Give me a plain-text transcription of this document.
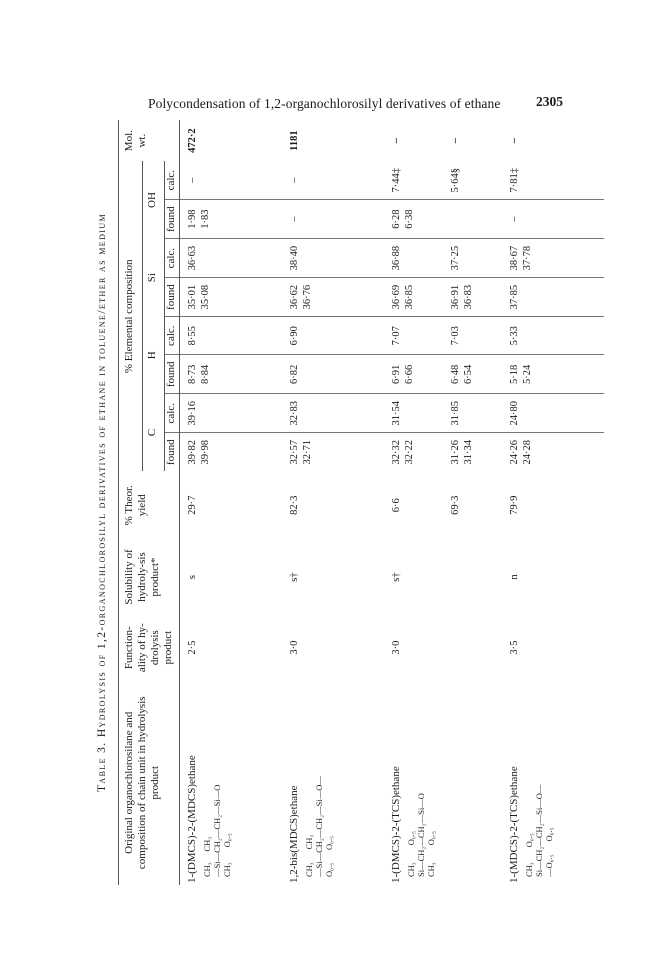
Polycondensation of 1,2-organochlorosilyl derivatives of ethane	2305
Table 3. Hydrolysis of 1,2-organochlorosilyl derivatives of ethane in toluene/ether as medium Original organochlorosilane and composition of chain unit in hydrolysis product	Function-ality of hy-drolysis product	Solubility of hydroly-sis product*	% Theor. yield	% Elemental composition								Mol. wt.
				C		H		Si		OH		
				found	calc.	found	calc.	found	calc.	found	calc.	
1-(DMCS)-2-(MDCS)ethane CH₃     CH₃
—Si—CH₂—CH₂—Si—O
CH₃       O₀.₅	2·5	s	29·7	39·82 39·98	39·16	8·73 8·84	8·55	35·01 35·08	36·63	1·98 1·83	–	472·2
1,2-bis(MDCS)ethane CH₃      CH₃
—Si—CH₂—CH₂—Si—O—
O₀.₅      O₀.₅	3·0	s†	82·3	32·57 32·71	32·83	6·82	6·90	36·62 36·76	38·40	–	–	1181
1-(DMCS)-2-(TCS)ethane CH₃        O₀.₅
Si—CH₂—CH₂—Si—O
CH₃        O₀.₅	3·0	s†	6·6	32·32 32·22	31·54	6·91 6·66	7·07	36·69 36·85	36·88	6·28 6·38	7·44‡	–
			69·3	31·26 31·34	31·85	6·48 6·54	7·03	36·91 36·83	37·25		5·64§	–
1-(MDCS)-2-(TCS)ethane CH₃       O₀.₅
Si—CH₂—CH₂—Si—O—
—O₀.₅      O₀.₅	3·5	n	79·9	24·26 24·28	24·80	5·18 5·24	5·33	37·85	38·67 37·78	–	7·81‡	–
